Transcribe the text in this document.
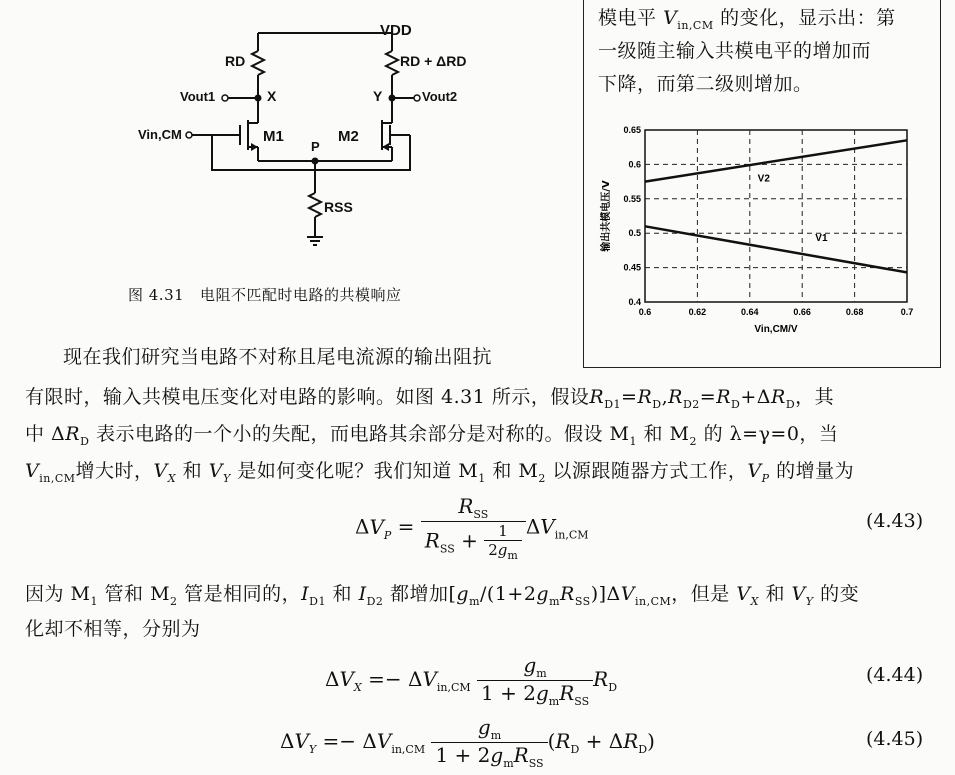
VDD
RD	RD + ΔRD
Vout1	X	Y	Vout2
Vin,CM	M1	M2
P
RSS
图 4.31 电阻不匹配时电路的共模响应
模电平 $V_{in,CM}$ 的变化，显示出：第
一级随主输入共模电平的增加而
下降，而第二级则增加。
0.6	0.62	0.64	0.66	0.68	0.7
0.4
0.45
0.5
0.55
0.6
0.65
V2
V1
Vin,CM/V
输出共模电压/V
现在我们研究当电路不对称且尾电流源的输出阻抗
有限时，输入共模电压变化对电路的影响。如图 4.31 所示，假设$R_{D1}=R_D,R_{D2}=R_D+\Delta R_D$，其
中 $\Delta R_D$ 表示电路的一个小的失配，而电路其余部分是对称的。假设 $M_1$ 和 $M_2$ 的 λ=γ=0，当
$V_{in,CM}$增大时，$V_X$ 和 $V_Y$ 是如何变化呢？我们知道 $M_1$ 和 $M_2$ 以源跟随器方式工作，$V_P$ 的增量为
$\Delta V_P = \frac{R_{SS}}{R_{SS} + \frac{1}{2g_m}} \Delta V_{in,CM}$
(4.43)
因为 $M_1$ 管和 $M_2$ 管是相同的，$I_{D1}$ 和 $I_{D2}$ 都增加$[g_m/(1+2g_mR_{SS})]\Delta V_{in,CM}$，但是 $V_X$ 和 $V_Y$ 的变
化却不相等，分别为
$\Delta V_X =- \Delta V_{in,CM} \frac{g_m}{1 + 2g_mR_{SS}} R_D$
(4.44)
$\Delta V_Y =- \Delta V_{in,CM} \frac{g_m}{1 + 2g_mR_{SS}} (R_D + \Delta R_D)$	(4.45)
